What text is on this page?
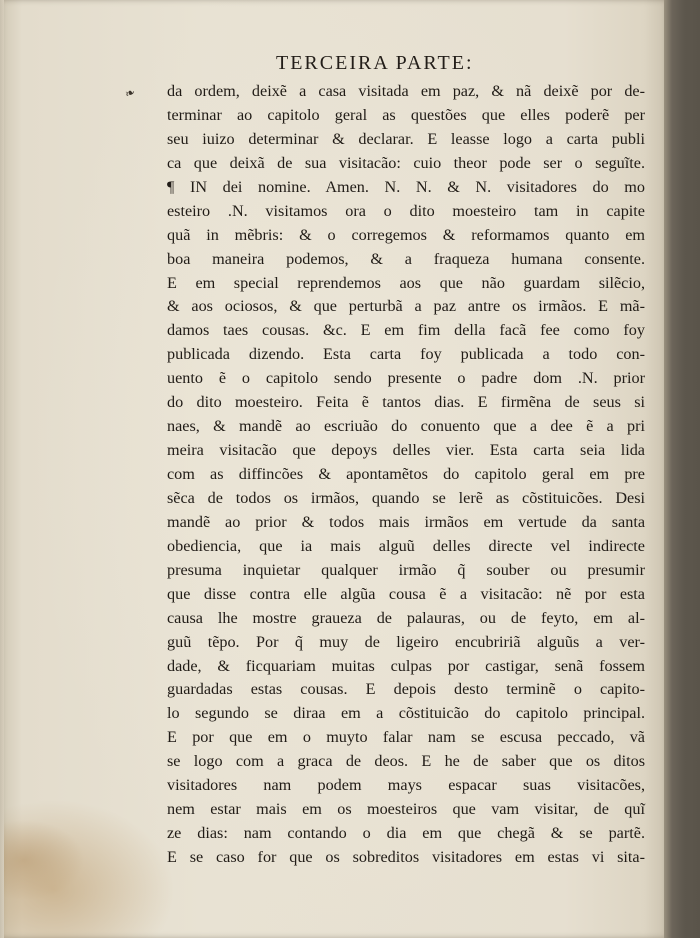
TERCEIRA PARTE:
❧ da ordem, deixẽ a casa visitada em paz, & nã deixẽ por de-
terminar ao capitolo geral as questões que elles poderẽ per
seu iuizo determinar & declarar. E leasse logo a carta publi
ca que deixã de sua visitacão: cuio theor pode ser o seguĩte.
¶ IN dei nomine. Amen. N. N. & N. visitadores do mo
esteiro .N. visitamos ora o dito moesteiro tam in capite
quã in mẽbris: & o corregemos & reformamos quanto em
boa maneira podemos, & a fraqueza humana consente.
E em special reprendemos aos que não guardam silẽcio,
& aos ociosos, & que perturbã a paz antre os irmãos. E mã-
damos taes cousas. &c. E em fim della facã fee como foy
publicada dizendo. Esta carta foy publicada a todo con-
uento ẽ o capitolo sendo presente o padre dom .N. prior
do dito moesteiro. Feita ẽ tantos dias. E firmẽna de seus si
naes, & mandẽ ao escriuão do conuento que a dee ẽ a pri
meira visitacão que depoys delles vier. Esta carta seia lida
com as diffincões & apontamẽtos do capitolo geral em pre
sẽca de todos os irmãos, quando se lerẽ as cõstituicões. Desi
mandẽ ao prior & todos mais irmãos em vertude da santa
obediencia, que ia mais alguũ delles directe vel indirecte
presuma inquietar qualquer irmão q̃ souber ou presumir
que disse contra elle algũa cousa ẽ a visitacão: nẽ por esta
causa lhe mostre graueza de palauras, ou de feyto, em al-
guũ tẽpo. Por q̃ muy de ligeiro encubririã alguũs a ver-
dade, & ficquariam muitas culpas por castigar, senã fossem
guardadas estas cousas. E depois desto terminẽ o capito-
lo segundo se diraa em a cõstituicão do capitolo principal.
E por que em o muyto falar nam se escusa peccado, vã
se logo com a graca de deos. E he de saber que os ditos
visitadores nam podem mays espacar suas visitacões,
nem estar mais em os moesteiros que vam visitar, de quĩ
ze dias: nam contando o dia em que chegã & se partẽ.
E se caso for que os sobreditos visitadores em estas vi sita-
